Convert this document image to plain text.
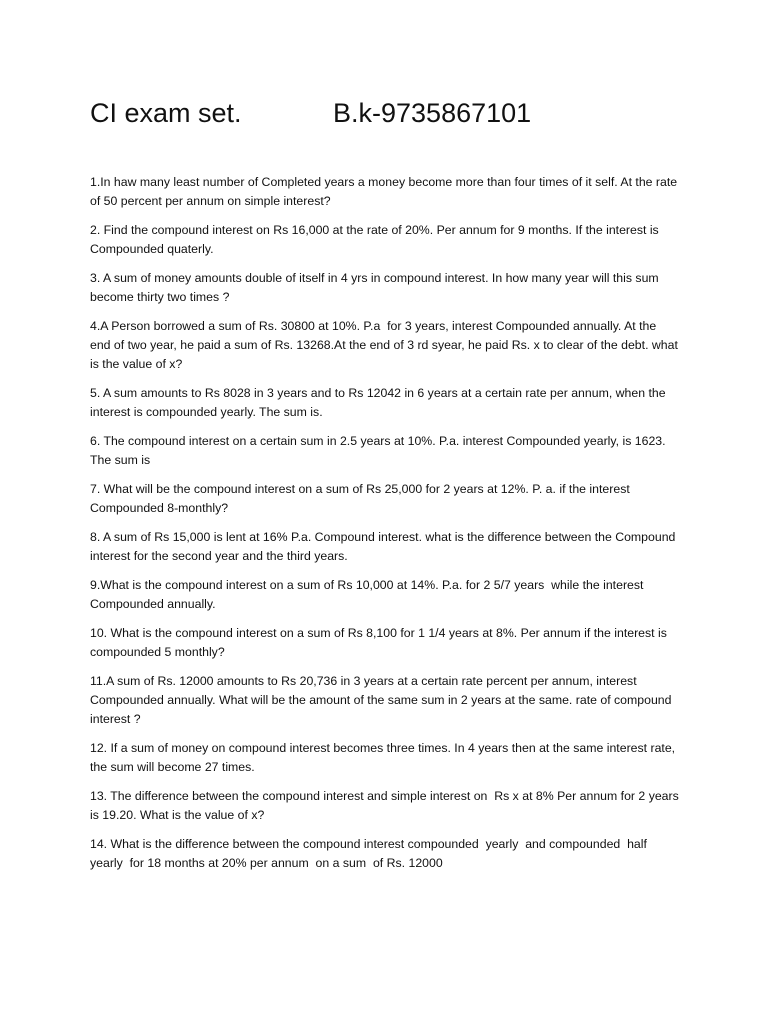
CI exam set.	B.k-9735867101
1.In haw many least number of Completed years a money become more than four times of it self. At the rate of 50 percent per annum on simple interest?
2. Find the compound interest on Rs 16,000 at the rate of 20%. Per annum for 9 months. If the interest is Compounded quaterly.
3. A sum of money amounts double of itself in 4 yrs in compound interest. In how many year will this sum become thirty two times ?
4.A Person borrowed a sum of Rs. 30800 at 10%. P.a  for 3 years, interest Compounded annually. At the end of two year, he paid a sum of Rs. 13268.At the end of 3 rd syear, he paid Rs. x to clear of the debt. what is the value of x?
5. A sum amounts to Rs 8028 in 3 years and to Rs 12042 in 6 years at a certain rate per annum, when the interest is compounded yearly. The sum is.
6. The compound interest on a certain sum in 2.5 years at 10%. P.a. interest Compounded yearly, is 1623. The sum is
7. What will be the compound interest on a sum of Rs 25,000 for 2 years at 12%. P. a. if the interest Compounded 8-monthly?
8. A sum of Rs 15,000 is lent at 16% P.a. Compound interest. what is the difference between the Compound interest for the second year and the third years.
9.What is the compound interest on a sum of Rs 10,000 at 14%. P.a. for 2 5/7 years  while the interest Compounded annually.
10. What is the compound interest on a sum of Rs 8,100 for 1 1/4 years at 8%. Per annum if the interest is compounded 5 monthly?
11.A sum of Rs. 12000 amounts to Rs 20,736 in 3 years at a certain rate percent per annum, interest Compounded annually. What will be the amount of the same sum in 2 years at the same. rate of compound interest ?
12. If a sum of money on compound interest becomes three times. In 4 years then at the same interest rate, the sum will become 27 times.
13. The difference between the compound interest and simple interest on  Rs x at 8% Per annum for 2 years is 19.20. What is the value of x?
14. What is the difference between the compound interest compounded  yearly  and compounded  half yearly  for 18 months at 20% per annum  on a sum  of Rs. 12000
